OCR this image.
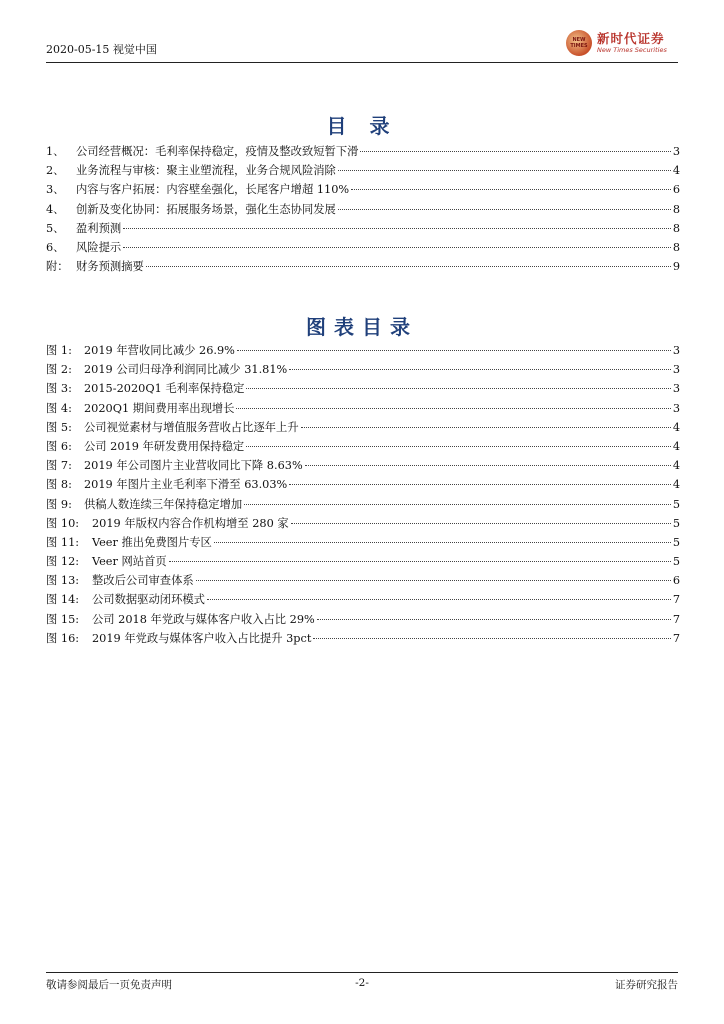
2020-05-15 视觉中国
NEW
TIMES 新时代证券
New Times Securities
目 录
1、	公司经营概况：毛利率保持稳定，疫情及整改致短暂下滑	3
2、	业务流程与审核：聚主业塑流程，业务合规风险消除	4
3、	内容与客户拓展：内容壁垒强化，长尾客户增超 110%	6
4、	创新及变化协同：拓展服务场景，强化生态协同发展	8
5、	盈利预测	8
6、	风险提示	8
附： 财务预测摘要	9
图表目录
图 1:	2019 年营收同比减少 26.9%	3
图 2:	2019 公司归母净利润同比减少 31.81%	3
图 3:	2015-2020Q1 毛利率保持稳定	3
图 4:	2020Q1 期间费用率出现增长	3
图 5:	公司视觉素材与增值服务营收占比逐年上升	4
图 6:	公司 2019 年研发费用保持稳定	4
图 7:	2019 年公司图片主业营收同比下降 8.63%	4
图 8:	2019 年图片主业毛利率下滑至 63.03%	4
图 9:	供稿人数连续三年保持稳定增加	5
图 10:	2019 年版权内容合作机构增至 280 家	5
图 11:	Veer 推出免费图片专区	5
图 12:	Veer 网站首页	5
图 13:	整改后公司审查体系	6
图 14:	公司数据驱动闭环模式	7
图 15:	公司 2018 年党政与媒体客户收入占比 29%	7
图 16:	2019 年党政与媒体客户收入占比提升 3pct	7
敬请参阅最后一页免责声明	-2-	证券研究报告
